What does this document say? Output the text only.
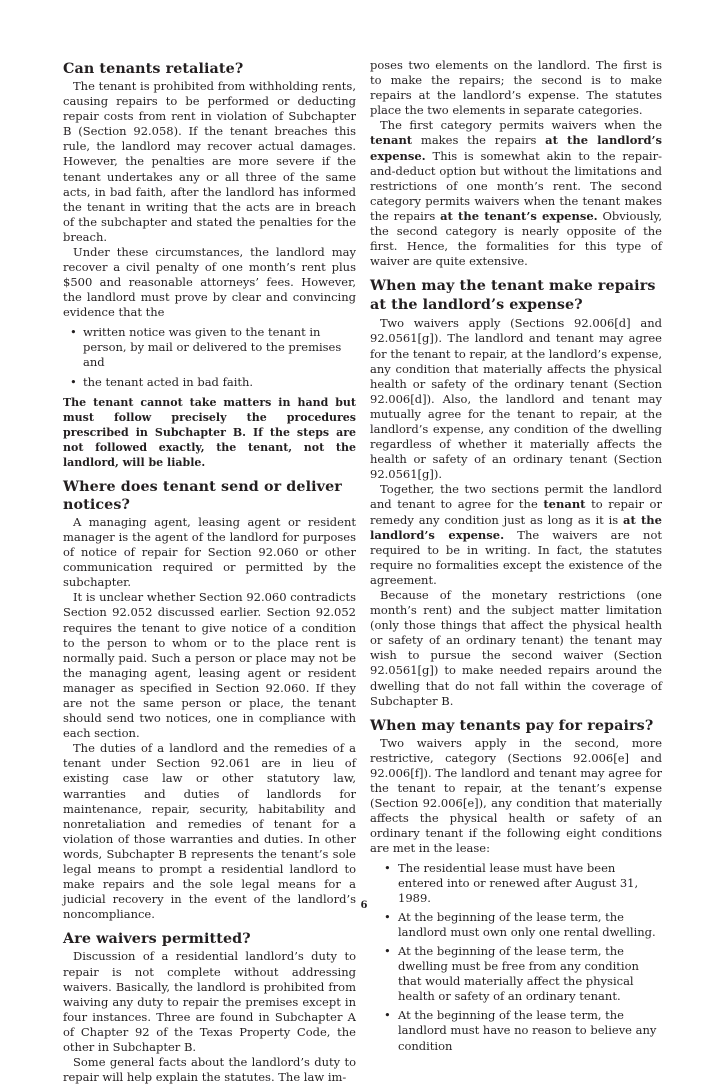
Can tenants retaliate?

The tenant is prohibited from withholding rents, causing repairs to be performed or deducting repair costs from rent in violation of Subchapter B (Section 92.058). If the tenant breaches this rule, the landlord may recover actual damages. However, the penalties are more severe if the tenant undertakes any or all three of the same acts, in bad faith, after the landlord has informed the tenant in writing that the acts are in breach of the subchapter and stated the penalties for the breach.

Under these circumstances, the landlord may recover a civil penalty of one month’s rent plus $500 and reasonable attorneys’ fees. However, the landlord must prove by clear and convincing evidence that the

• written notice was given to the tenant in person, by mail or delivered to the premises and
• the tenant acted in bad faith.

The tenant cannot take matters in hand but must follow precisely the procedures prescribed in Subchapter B. If the steps are not followed exactly, the tenant, not the landlord, will be liable.

Where does tenant send or deliver notices?

A managing agent, leasing agent or resident manager is the agent of the landlord for purposes of notice of repair for Section 92.060 or other communication required or permitted by the subchapter.

It is unclear whether Section 92.060 contradicts Section 92.052 discussed earlier. Section 92.052 requires the tenant to give notice of a condition to the person to whom or to the place rent is normally paid. Such a person or place may not be the managing agent, leasing agent or resident manager as specified in Section 92.060. If they are not the same person or place, the tenant should send two notices, one in compliance with each section.

The duties of a landlord and the remedies of a tenant under Section 92.061 are in lieu of existing case law or other statutory law, warranties and duties of landlords for maintenance, repair, security, habitability and nonretaliation and remedies of tenant for a violation of those warranties and duties. In other words, Subchapter B represents the tenant’s sole legal means to prompt a residential landlord to make repairs and the sole legal means for a judicial recovery in the event of the landlord’s noncompliance.

Are waivers permitted?

Discussion of a residential landlord’s duty to repair is not complete without addressing waivers. Basically, the landlord is prohibited from waiving any duty to repair the premises except in four instances. Three are found in Subchapter A of Chapter 92 of the Texas Property Code, the other in Subchapter B.

Some general facts about the landlord’s duty to repair will help explain the statutes. The law im-

poses two elements on the landlord. The first is to make the repairs; the second is to make repairs at the landlord’s expense. The statutes place the two elements in separate categories.

The first category permits waivers when the tenant makes the repairs at the landlord’s expense. This is somewhat akin to the repair-and-deduct option but without the limitations and restrictions of one month’s rent. The second category permits waivers when the tenant makes the repairs at the tenant’s expense. Obviously, the second category is nearly opposite of the first. Hence, the formalities for this type of waiver are quite extensive.

When may the tenant make repairs at the landlord’s expense?

Two waivers apply (Sections 92.006[d] and 92.0561[g]). The landlord and tenant may agree for the tenant to repair, at the landlord’s expense, any condition that materially affects the physical health or safety of the ordinary tenant (Section 92.006[d]). Also, the landlord and tenant may mutually agree for the tenant to repair, at the landlord’s expense, any condition of the dwelling regardless of whether it materially affects the health or safety of an ordinary tenant (Section 92.0561[g]).

Together, the two sections permit the landlord and tenant to agree for the tenant to repair or remedy any condition just as long as it is at the landlord’s expense. The waivers are not required to be in writing. In fact, the statutes require no formalities except the existence of the agreement.

Because of the monetary restrictions (one month’s rent) and the subject matter limitation (only those things that affect the physical health or safety of an ordinary tenant) the tenant may wish to pursue the second waiver (Section 92.0561[g]) to make needed repairs around the dwelling that do not fall within the coverage of Subchapter B.

When may tenants pay for repairs?

Two waivers apply in the second, more restrictive, category (Sections 92.006[e] and 92.006[f]). The landlord and tenant may agree for the tenant to repair, at the tenant’s expense (Section 92.006[e]), any condition that materially affects the physical health or safety of an ordinary tenant if the following eight conditions are met in the lease:

• The residential lease must have been entered into or renewed after August 31, 1989.
• At the beginning of the lease term, the landlord must own only one rental dwelling.
• At the beginning of the lease term, the dwelling must be free from any condition that would materially affect the physical health or safety of an ordinary tenant.
• At the beginning of the lease term, the landlord must have no reason to believe any condition
6
